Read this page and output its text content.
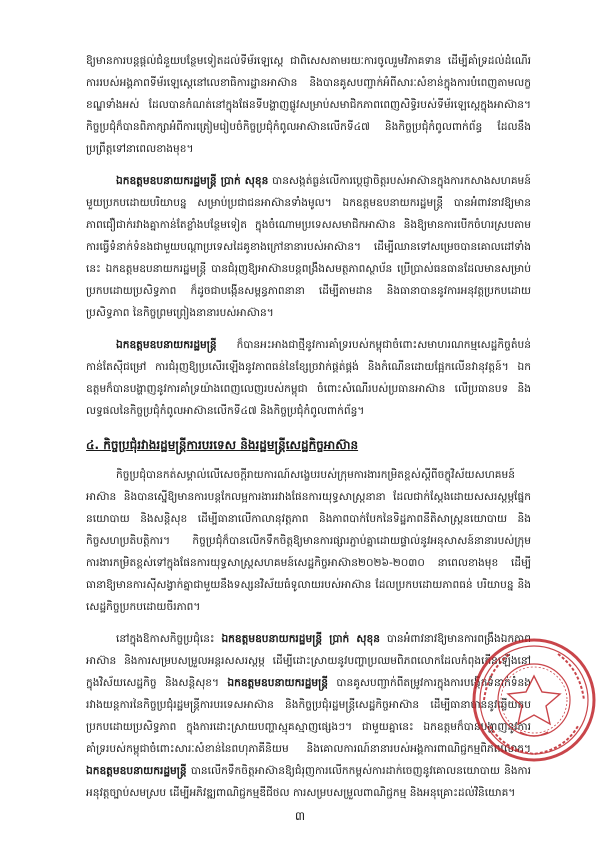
ឱ្យមានការបន្តផ្ដល់ជំនួយបន្ថែមទៀតដល់ទីម័រឡេស្តេ ជាពិសេសតាមរយៈការចូលរួមវិភាគទាន ដើម្បីគាំទ្រដល់ដំណើរការរបស់អង្គភាពទីម័រឡេស្តេនៅលេខាធិការដ្ឋានអាស៊ាន និងបានគូសបញ្ជាក់អំពីសារៈសំខាន់ក្នុងការបំពេញតាមលក្ខខណ្ឌទាំងអស់ ដែលបានកំណត់នៅក្នុងផែនទីបង្ហាញផ្លូវសម្រាប់សមាជិកភាពពេញសិទ្ធិរបស់ទីម័រឡេស្តេក្នុងអាស៊ាន។ កិច្ចប្រជុំក៏បានពិភាក្សាអំពីការត្រៀមរៀបចំកិច្ចប្រជុំកំពូលអាស៊ានលើកទី៤៧ និងកិច្ចប្រជុំកំពូលពាក់ព័ន្ធ ដែលនឹងប្រព្រឹត្តទៅនាពេលខាងមុខ។

ឯកឧត្តមឧបនាយករដ្ឋមន្ត្រី ប្រាក់ សុខុន បានសង្កត់ធ្ងន់លើការប្ដេជ្ញាចិត្តរបស់អាស៊ានក្នុងការកសាងសហគមន៍មួយប្រកបដោយបរិយាបន្ន សម្រាប់ប្រជាជនអាស៊ានទាំងមូល។ ឯកឧត្តមឧបនាយករដ្ឋមន្ត្រី បានអំពាវនាវឱ្យមានភាពជឿជាក់រវាងគ្នាកាន់តែខ្លាំងបន្ថែមទៀត ក្នុងចំណោមប្រទេសសមាជិកអាស៊ាន និងឱ្យមានការបើកចំហរស្របតាមការធ្វើទំនាក់ទំនងជាមួយបណ្ដាប្រទេសដៃគូខាងក្រៅនានារបស់អាស៊ាន។ ដើម្បីឈានទៅសម្រេចបានគោលដៅទាំងនេះ ឯកឧត្តមឧបនាយករដ្ឋមន្ត្រី បានជំរុញឱ្យអាស៊ានបន្តពង្រឹងសមត្ថភាពស្ថាប័ន ប្រើប្រាស់ធនធានដែលមានសម្រាប់ប្រកបដោយប្រសិទ្ធភាព ក៏ដូចជាបង្កើនសម្ពន្ធភាពនានា ដើម្បីតាមដាន និងធានាបាននូវការអនុវត្តប្រកបដោយប្រសិទ្ធភាព នៃកិច្ចព្រមព្រៀងនានារបស់អាស៊ាន។

ឯកឧត្តមឧបនាយករដ្ឋមន្ត្រី ក៏បានអះអាងជាថ្មីនូវការគាំទ្ររបស់កម្ពុជាចំពោះសមាហរណកម្មសេដ្ឋកិច្ចតំបន់កាន់តែស៊ីជម្រៅ ការជំរុញឱ្យប្រសើរឡើងនូវភាពធន់នៃខ្សែច្រវាក់ផ្គត់ផ្គង់ និងកំណើនដោយផ្អែកលើនវានុវត្តន៍។ ឯកឧត្តមក៏បានបង្ហាញនូវការគាំទ្រយ៉ាងពេញលេញរបស់កម្ពុជា ចំពោះសំណើរបស់ប្រធានអាស៊ាន លើប្រធានបទ និងលទ្ធផលនៃកិច្ចប្រជុំកំពូលអាស៊ានលើកទី៤៧ និងកិច្ចប្រជុំកំពូលពាក់ព័ន្ធ។

៤. កិច្ចប្រជុំរវាងរដ្ឋមន្ត្រីការបរទេស និងរដ្ឋមន្ត្រីសេដ្ឋកិច្ចអាស៊ាន

កិច្ចប្រជុំបានកត់សម្គាល់លើសេចក្ដីរាយការណ៍សង្ខេបរបស់ក្រុមការងារកម្រិតខ្ពស់ស្ដីពីចក្ខុវិស័យសហគមន៍អាស៊ាន និងបានស្នើឱ្យមានការបន្តកែលម្អការងាររវាងផែនការយុទ្ធសាស្ត្រនានា ដែលជាក់ស្ដែងដោយសសរស្តម្ភផ្នែកនយោបាយ និងសន្តិសុខ ដើម្បីធានាលើកាលានុវត្តភាព និងភាពបាក់បែកនៃទិដ្ឋភាពនីតិសាស្ត្រនយោបាយ និងកិច្ចសហប្រតិបត្តិការ។ កិច្ចប្រជុំក៏បានលើកទឹកចិត្តឱ្យមានការផ្សារភ្ជាប់គ្នាដោយផ្ទាល់នូវអនុសាសន៍នានារបស់ក្រុមការងារកម្រិតខ្ពស់ទៅក្នុងផែនការយុទ្ធសាស្ត្រសហគមន៍សេដ្ឋកិច្ចអាស៊ាន២០២៦-២០៣០ នាពេលខាងមុខ ដើម្បីធានាឱ្យមានការស៊ីសង្វាក់គ្នាជាមួយនឹងទស្សនវិស័យធំទូលាយរបស់អាស៊ាន ដែលប្រកបដោយភាពធន់ បរិយាបន្ន និងសេដ្ឋកិច្ចប្រកបដោយចីរភាព។

នៅក្នុងឱកាសកិច្ចប្រជុំនេះ ឯកឧត្តមឧបនាយករដ្ឋមន្ត្រី ប្រាក់ សុខុន បានអំពាវនាវឱ្យមានការពង្រឹងឯកភាពអាស៊ាន និងការសម្របសម្រួលអន្តរសសរស្តម្ភ ដើម្បីដោះស្រាយនូវបញ្ហាប្រឈមពិភពលោកដែលកំពុងកើនឡើងនៅក្នុងវិស័យសេដ្ឋកិច្ច និងសន្តិសុខ។ ឯកឧត្តមឧបនាយករដ្ឋមន្ត្រី បានគូសបញ្ជាក់ពីតម្រូវការក្នុងការបង្កើតទំនាក់ទំនងរវាងយន្តការនៃកិច្ចប្រជុំរដ្ឋមន្ត្រីការបរទេសអាស៊ាន និងកិច្ចប្រជុំរដ្ឋមន្ត្រីសេដ្ឋកិច្ចអាស៊ាន ដើម្បីធានាបាននូវឆ្លើយតបប្រកបដោយប្រសិទ្ធភាព ក្នុងការដោះស្រាយបញ្ហាស្មុគស្មាញផ្សេងៗ។ ជាមួយគ្នានេះ ឯកឧត្តមក៏បានបង្ហាញនូវការគាំទ្ររបស់កម្ពុជាចំពោះសារៈសំខាន់នៃពហុភាគីនិយម និងគោលការណ៍នានារបស់អង្គការពាណិជ្ជកម្មពិភពលោក។ ឯកឧត្តមឧបនាយករដ្ឋមន្ត្រី បានលើកទឹកចិត្តអាស៊ានឱ្យជំរុញការលើកកម្ពស់ការដាក់ចេញនូវគោលនយោបាយ និងការអនុវត្តច្បាប់សមស្រប ដើម្បីអភិវឌ្ឍពាណិជ្ជកម្មឌីជីថល ការសម្របសម្រួលពាណិជ្ជកម្ម និងអនុគ្រោះដល់វិនិយោគ។

៣
